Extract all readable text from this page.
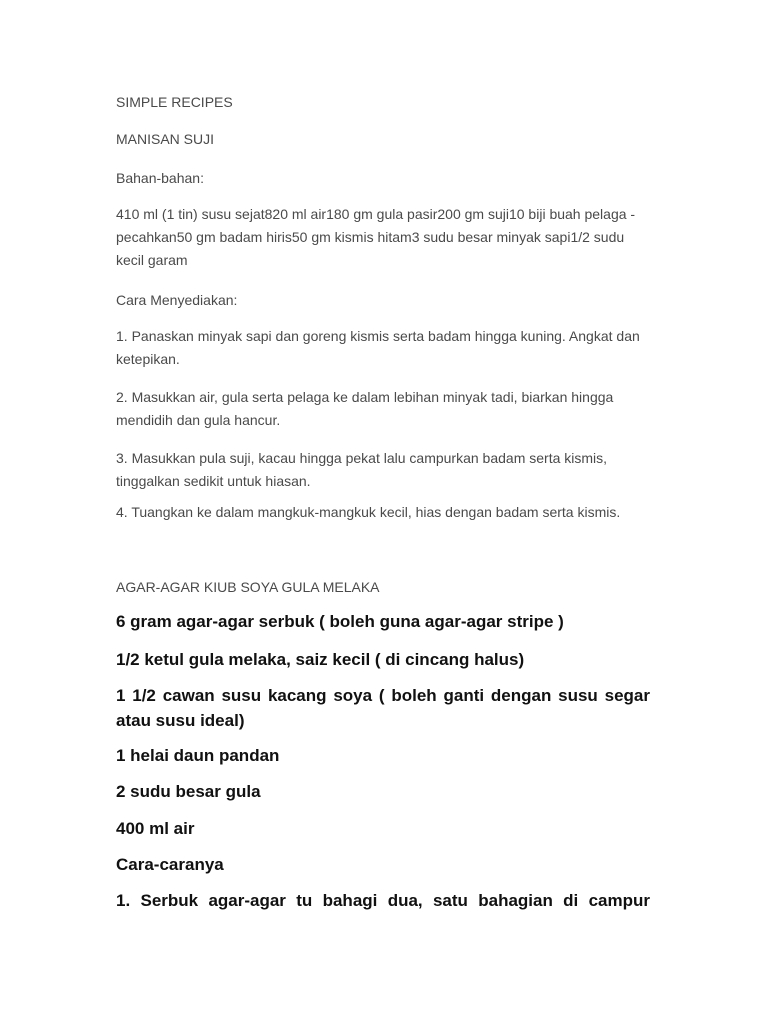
SIMPLE RECIPES

MANISAN SUJI

Bahan-bahan:

410 ml (1 tin) susu sejat820 ml air180 gm gula pasir200 gm suji10 biji buah pelaga - pecahkan50 gm badam hiris50 gm kismis hitam3 sudu besar minyak sapi1/2 sudu kecil garam

Cara Menyediakan:

1. Panaskan minyak sapi dan goreng kismis serta badam hingga kuning. Angkat dan ketepikan.

2. Masukkan air, gula serta pelaga ke dalam lebihan minyak tadi, biarkan hingga mendidih dan gula hancur.

3. Masukkan pula suji, kacau hingga pekat lalu campurkan badam serta kismis, tinggalkan sedikit untuk hiasan.

4. Tuangkan ke dalam mangkuk-mangkuk kecil, hias dengan badam serta kismis.

AGAR-AGAR KIUB SOYA GULA MELAKA

6 gram agar-agar serbuk ( boleh guna agar-agar stripe )

1/2 ketul gula melaka, saiz kecil ( di cincang halus)

1 1/2 cawan susu kacang soya ( boleh ganti dengan susu segar atau susu ideal)

1 helai daun pandan

2 sudu besar gula

400 ml air

Cara-caranya

1. Serbuk agar-agar tu bahagi dua, satu bahagian di campur
